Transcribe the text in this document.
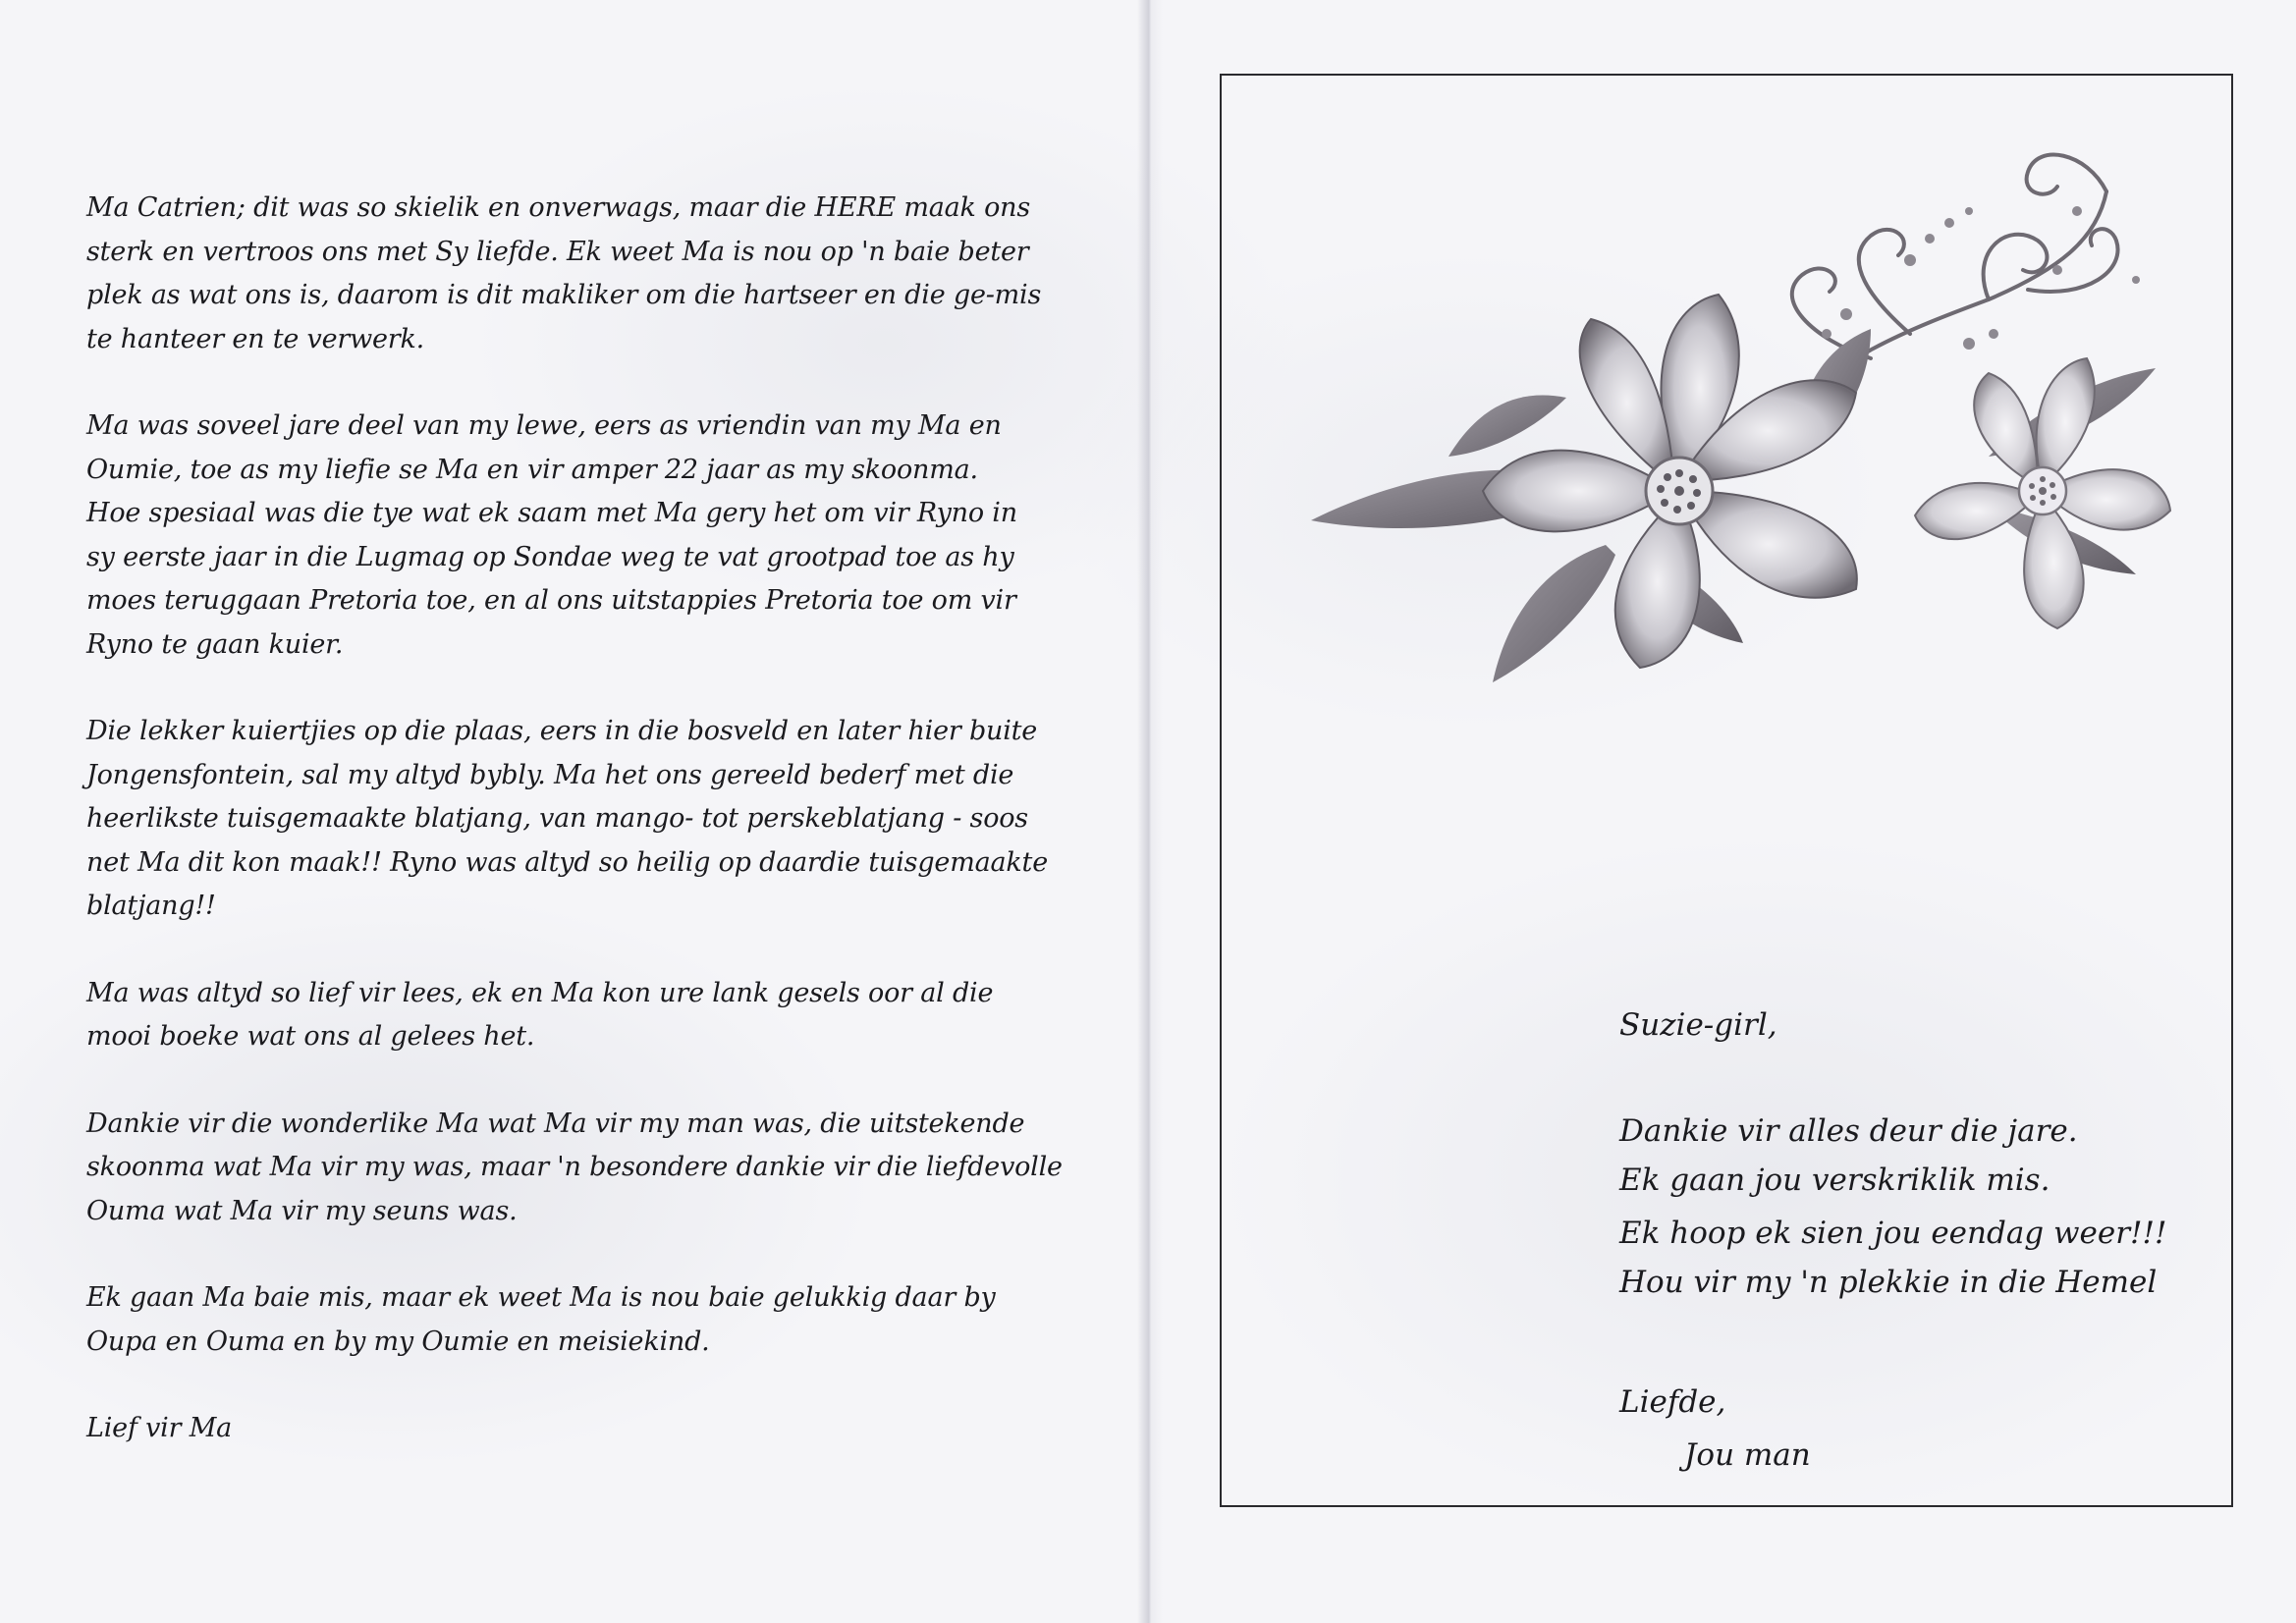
Ma Catrien; dit was so skielik en onverwags, maar die HERE maak ons
sterk en vertroos ons met Sy liefde. Ek weet Ma is nou op 'n baie beter
plek as wat ons is, daarom is dit makliker om die hartseer en die ge-mis
te hanteer en te verwerk.

Ma was soveel jare deel van my lewe, eers as vriendin van my Ma en
Oumie, toe as my liefie se Ma en vir amper 22 jaar as my skoonma.
Hoe spesiaal was die tye wat ek saam met Ma gery het om vir Ryno in
sy eerste jaar in die Lugmag op Sondae weg te vat grootpad toe as hy
moes teruggaan Pretoria toe, en al ons uitstappies Pretoria toe om vir
Ryno te gaan kuier.

Die lekker kuiertjies op die plaas, eers in die bosveld en later hier buite
Jongensfontein, sal my altyd bybly. Ma het ons gereeld bederf met die
heerlikste tuisgemaakte blatjang, van mango- tot perskeblatjang - soos
net Ma dit kon maak!! Ryno was altyd so heilig op daardie tuisgemaakte
blatjang!!

Ma was altyd so lief vir lees, ek en Ma kon ure lank gesels oor al die
mooi boeke wat ons al gelees het.

Dankie vir die wonderlike Ma wat Ma vir my man was, die uitstekende
skoonma wat Ma vir my was, maar 'n besondere dankie vir die liefdevolle
Ouma wat Ma vir my seuns was.

Ek gaan Ma baie mis, maar ek weet Ma is nou baie gelukkig daar by
Oupa en Ouma en by my Oumie en meisiekind.

Lief vir Ma

Suzie-girl,
Dankie vir alles deur die jare.
Ek gaan jou verskriklik mis.
Ek hoop ek sien jou eendag weer!!!
Hou vir my 'n plekkie in die Hemel
Liefde,
Jou man
